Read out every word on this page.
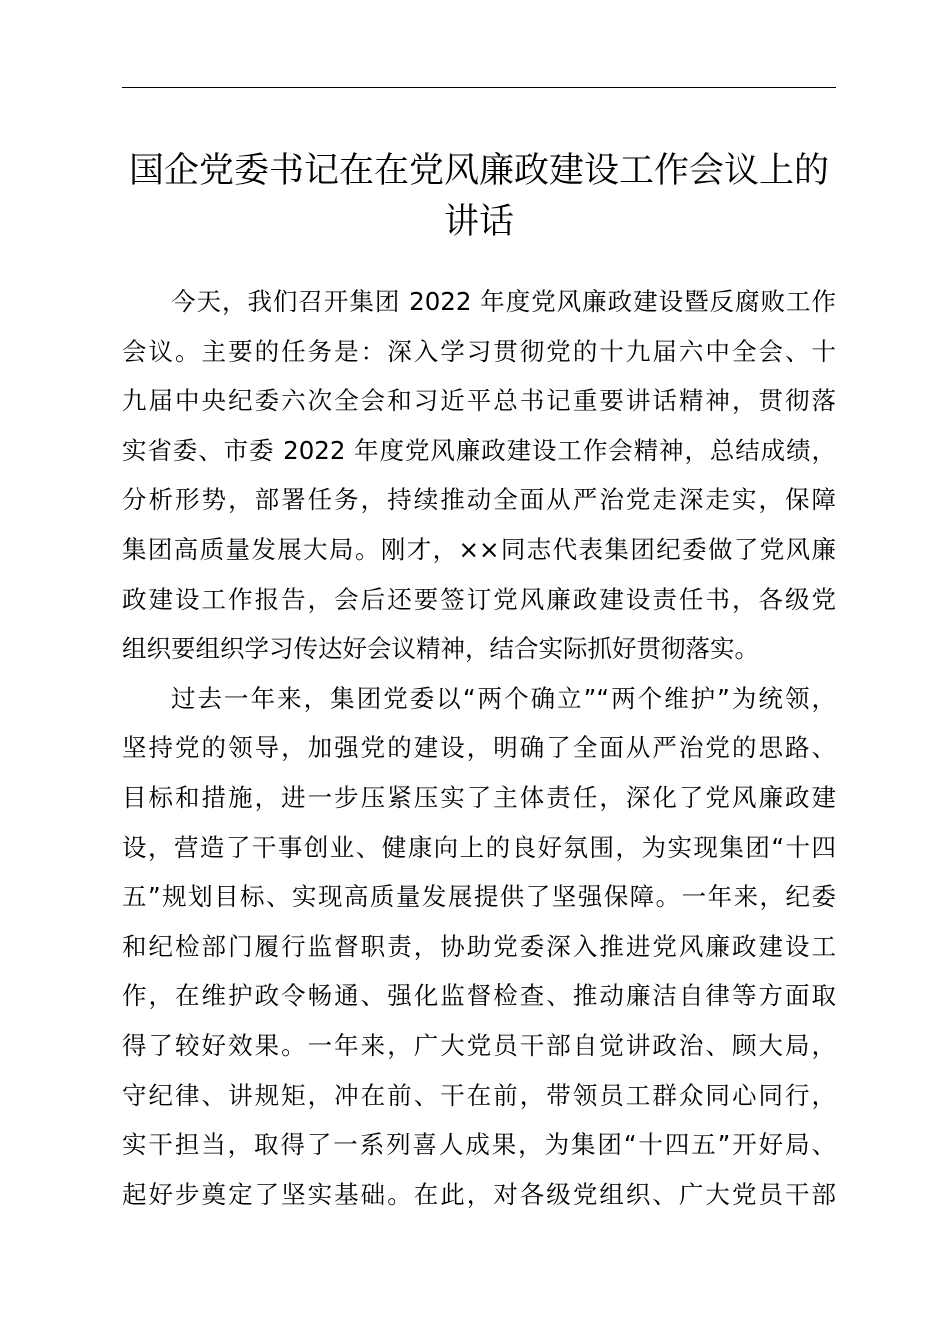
国企党委书记在在党风廉政建设工作会议上的
讲话
今天，我们召开集团 2022 年度党风廉政建设暨反腐败工作
会议。主要的任务是：深入学习贯彻党的十九届六中全会、十
九届中央纪委六次全会和习近平总书记重要讲话精神，贯彻落
实省委、市委 2022 年度党风廉政建设工作会精神，总结成绩，
分析形势，部署任务，持续推动全面从严治党走深走实，保障
集团高质量发展大局。刚才，××同志代表集团纪委做了党风廉
政建设工作报告，会后还要签订党风廉政建设责任书，各级党
组织要组织学习传达好会议精神，结合实际抓好贯彻落实。
过去一年来，集团党委以“两个确立”“两个维护”为统领，
坚持党的领导，加强党的建设，明确了全面从严治党的思路、
目标和措施，进一步压紧压实了主体责任，深化了党风廉政建
设，营造了干事创业、健康向上的良好氛围，为实现集团“十四
五”规划目标、实现高质量发展提供了坚强保障。一年来，纪委
和纪检部门履行监督职责，协助党委深入推进党风廉政建设工
作，在维护政令畅通、强化监督检查、推动廉洁自律等方面取
得了较好效果。一年来，广大党员干部自觉讲政治、顾大局，
守纪律、讲规矩，冲在前、干在前，带领员工群众同心同行，
实干担当，取得了一系列喜人成果，为集团“十四五”开好局、
起好步奠定了坚实基础。在此，对各级党组织、广大党员干部
